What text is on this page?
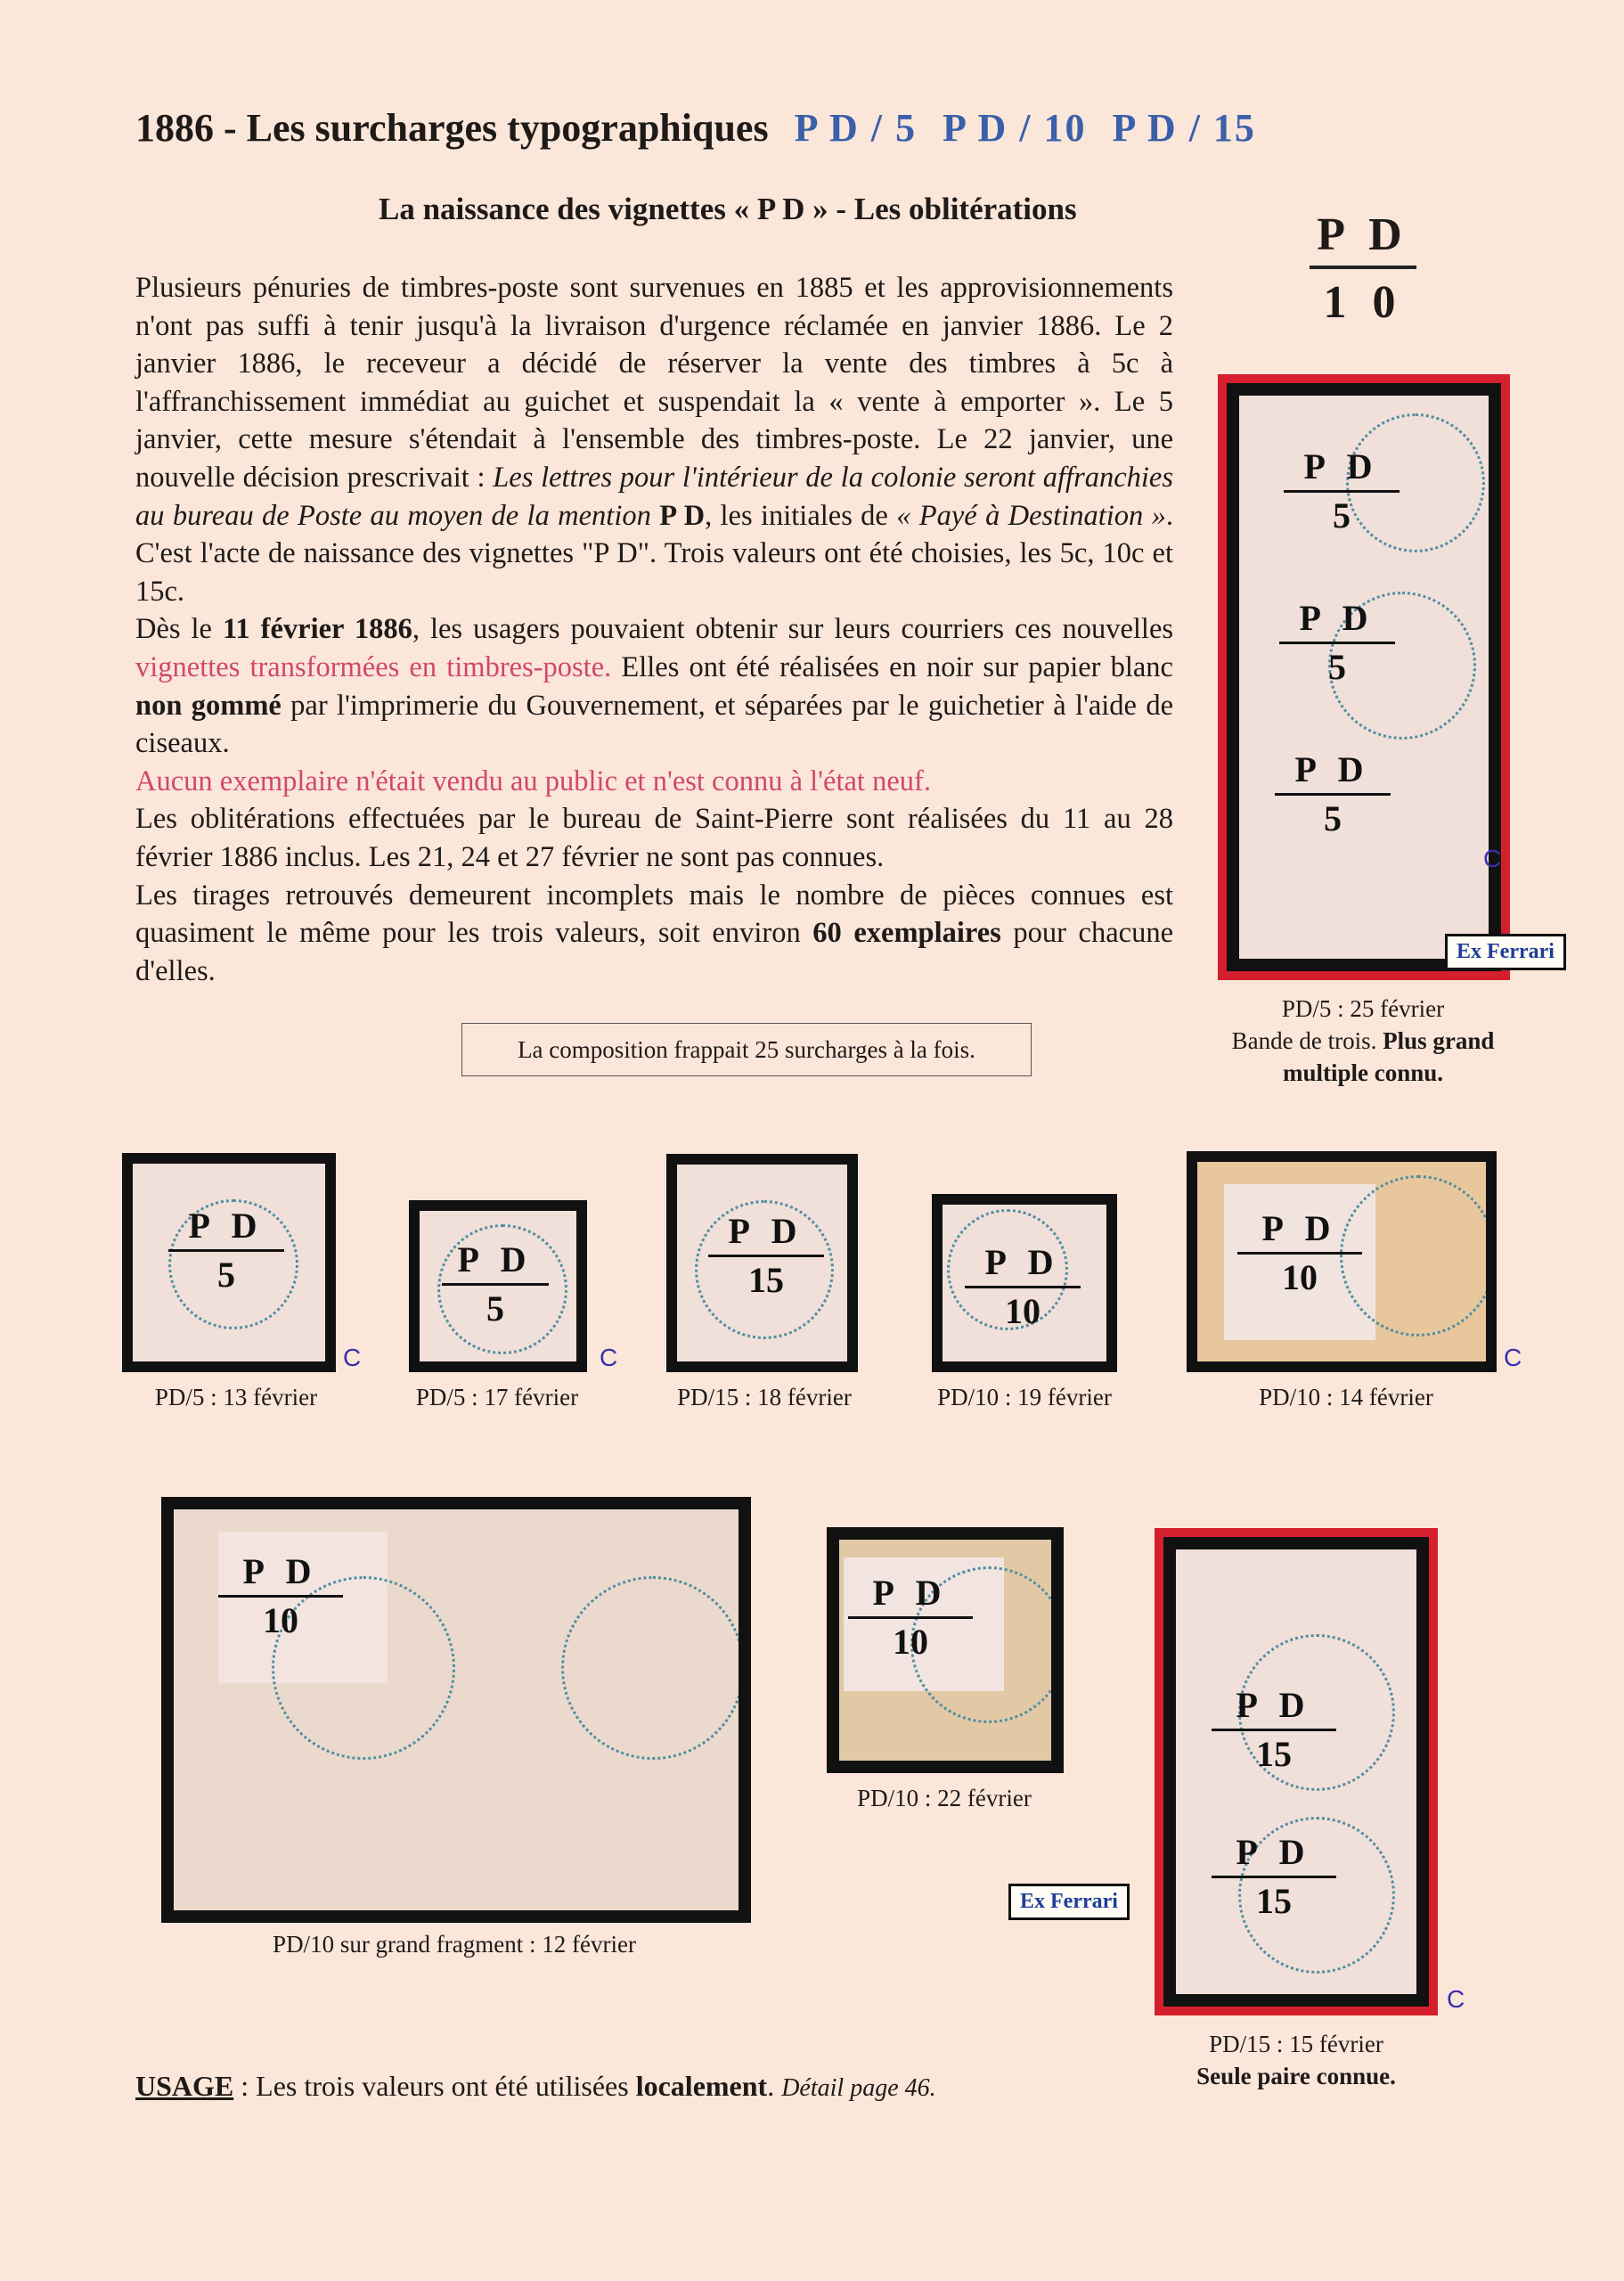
1886 - Les surcharges typographiques P D / 5 P D / 10 P D / 15
La naissance des vignettes « P D » - Les oblitérations
P D
1 0

Plusieurs pénuries de timbres-poste sont survenues en 1885 et les approvisionnements n'ont pas suffi à tenir jusqu'à la livraison d'urgence réclamée en janvier 1886. Le 2 janvier 1886, le receveur a décidé de réserver la vente des timbres à 5c à l'affranchissement immédiat au guichet et suspendait la « vente à emporter ». Le 5 janvier, cette mesure s'étendait à l'ensemble des timbres-poste. Le 22 janvier, une nouvelle décision prescrivait : Les lettres pour l'intérieur de la colonie seront affranchies au bureau de Poste au moyen de la mention P D, les initiales de « Payé à Destination ». C'est l'acte de naissance des vignettes "P D". Trois valeurs ont été choisies, les 5c, 10c et 15c.

Dès le 11 février 1886, les usagers pouvaient obtenir sur leurs courriers ces nouvelles vignettes transformées en timbres-poste. Elles ont été réalisées en noir sur papier blanc non gommé par l'imprimerie du Gouvernement, et séparées par le guichetier à l'aide de ciseaux.

Aucun exemplaire n'était vendu au public et n'est connu à l'état neuf.

Les oblitérations effectuées par le bureau de Saint-Pierre sont réalisées du 11 au 28 février 1886 inclus. Les 21, 24 et 27 février ne sont pas connues.

Les tirages retrouvés demeurent incomplets mais le nombre de pièces connues est quasiment le même pour les trois valeurs, soit environ 60 exemplaires pour chacune d'elles.

La composition frappait 25 surcharges à la fois.
P D
5
P D
5
P D
5
C
Ex Ferrari
PD/5 : 25 février
Bande de trois. Plus grand
multiple connu.
P D
5
C
PD/5 : 13 février
P D
5
C
PD/5 : 17 février
P D
15
PD/15 : 18 février
P D
10
PD/10 : 19 février
P D
10
C
PD/10 : 14 février
P D
10
PD/10 sur grand fragment : 12 février
P D
10
PD/10 : 22 février
Ex Ferrari
P D
15
P D
15
C
PD/15 : 15 février
Seule paire connue.
USAGE : Les trois valeurs ont été utilisées localement. Détail page 46.
